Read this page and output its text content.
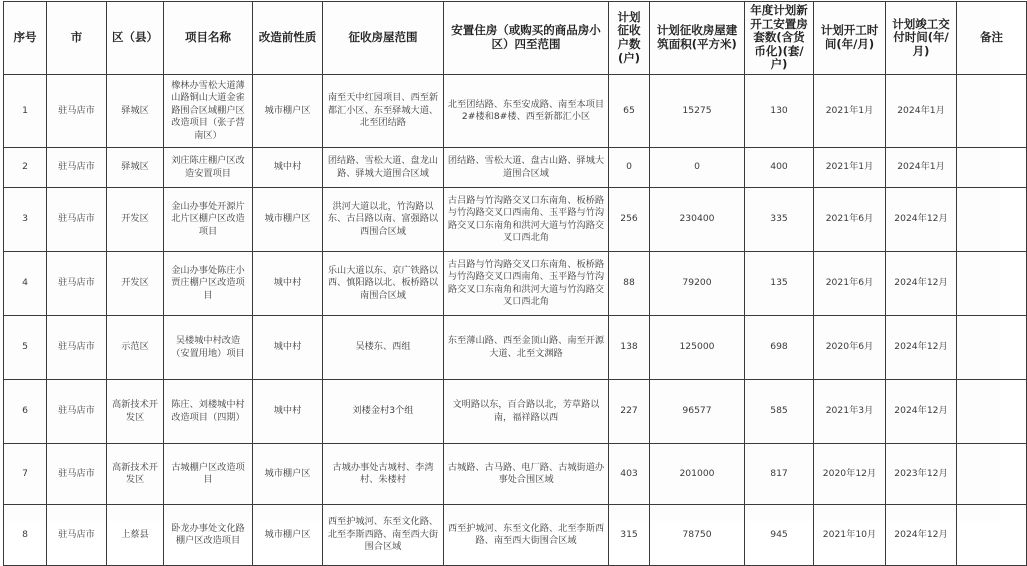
序号	市	区（县）	项目名称	改造前性质	征收房屋范围	安置住房（或购买的商品房小区）四至范围	计划征收户数(户)	计划征收房屋建筑面积(平方米)	年度计划新开工安置房套数(含货币化)(套/户)	计划开工时间(年/月)	计划竣工交付时间(年/月)	备注
1	驻马店市	驿城区	橡林办雪松大道薄山路铜山大道金雀路围合区域棚户区改造项目（张子营南区）	城市棚户区	南至天中红园项目、西至新都汇小区、东至驿城大道、北至团结路	北至团结路、东至安成路、南至本项目2#楼和8#楼、西至新都汇小区	65	15275	130	2021年1月	2024年1月	
2	驻马店市	驿城区	刘庄陈庄棚户区改造安置项目	城中村	团结路、雪松大道、盘龙山路、驿城大道围合区域	团结路、雪松大道、盘古山路、驿城大道围合区域	0	0	400	2021年1月	2024年1月	
3	驻马店市	开发区	金山办事处开源片北片区棚户区改造项目	城市棚户区	洪河大道以北，竹沟路以东、古吕路以南、富强路以西围合区域	古吕路与竹沟路交叉口东南角、板桥路与竹沟路交叉口西南角、玉平路与竹沟路交叉口东南角和洪河大道与竹沟路交叉口西北角	256	230400	335	2021年6月	2024年12月	
4	驻马店市	开发区	金山办事处陈庄小贾庄棚户区改造项目	城中村	乐山大道以东、京广铁路以西、慎阳路以北、板桥路以南围合区域	古吕路与竹沟路交叉口东南角、板桥路与竹沟路交叉口西南角、玉平路与竹沟路交叉口东南角和洪河大道与竹沟路交叉口西北角	88	79200	135	2021年6月	2024年12月	
5	驻马店市	示范区	吴楼城中村改造（安置用地）项目	城中村	吴楼东、西组	东至薄山路、西至金顶山路、南至开源大道、北至文渊路	138	125000	698	2020年6月	2024年12月	
6	驻马店市	高新技术开发区	陈庄、刘楼城中村改造项目（四期）	城中村	刘楼金村3个组	文明路以东，百合路以北，芳草路以南，福祥路以西	227	96577	585	2021年3月	2024年12月	
7	驻马店市	高新技术开发区	古城棚户区改造项目	城市棚户区	古城办事处古城村、李湾村、朱楼村	古城路、古马路、电厂路、古城街道办事处合围区域	403	201000	817	2020年12月	2023年12月	
8	驻马店市	上蔡县	卧龙办事处文化路棚户区改造项目	城市棚户区	西至护城河、东至文化路、北至李斯西路、南至西大街围合区域	西至护城河、东至文化路、北至李斯西路、南至西大街围合区域	315	78750	945	2021年10月	2024年12月	
